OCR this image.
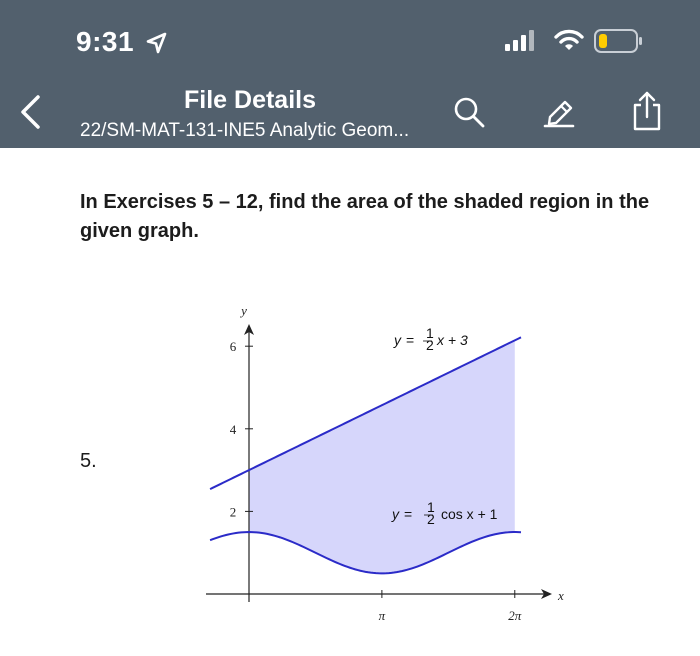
9:31
File Details
22/SM-MAT-131-INE5 Analytic Geom...
In Exercises 5 – 12, find the area of the shaded region in the given graph.
5.
2
4
6
π	2π
x
y
y = 1
2 x + 3
y = 1
2 cos x + 1
